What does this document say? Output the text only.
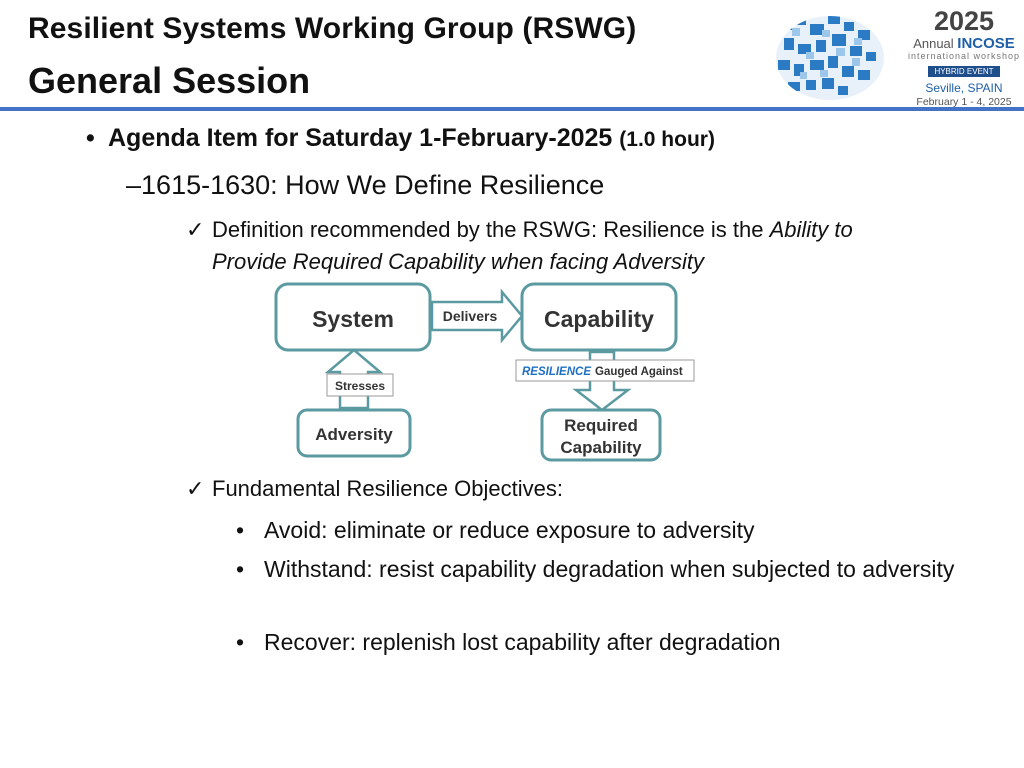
Resilient Systems Working Group (RSWG)
General Session
2025
Annual INCOSE
international workshop
HYBRID EVENT
Seville, SPAIN
February 1 - 4, 2025
• Agenda Item for Saturday 1-February-2025 (1.0 hour)
–1615-1630: How We Define Resilience
✓ Definition recommended by the RSWG: Resilience is the Ability to
Provide Required Capability when facing Adversity
System	Capability
Delivers
Stresses
Adversity
RESILIENCE Gauged Against
Required
Capability
✓ Fundamental Resilience Objectives:
• Avoid: eliminate or reduce exposure to adversity
• Withstand: resist capability degradation when subjected to adversity
• Recover: replenish lost capability after degradation
